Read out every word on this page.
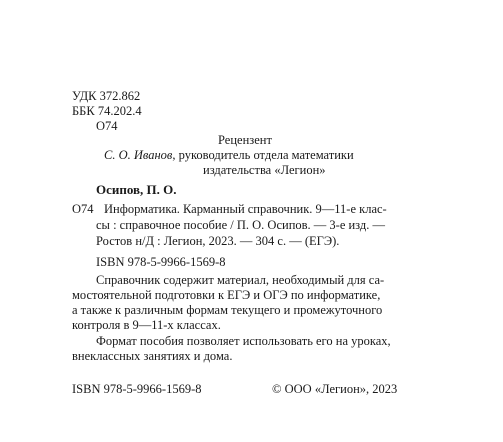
УДК 372.862
ББК 74.202.4
О74
Рецензент
С. О. Иванов, руководитель отдела математики
издательства «Легион»
Осипов, П. О.
О74 Информатика. Карманный справочник. 9—11-е клас-
сы : справочное пособие / П. О. Осипов. — 3-е изд. —
Ростов н/Д : Легион, 2023. — 304 с. — (ЕГЭ).
ISBN 978-5-9966-1569-8
Справочник содержит материал, необходимый для са-
мостоятельной подготовки к ЕГЭ и ОГЭ по информатике,
а также к различным формам текущего и промежуточного
контроля в 9—11-х классах.
Формат пособия позволяет использовать его на уроках,
внеклассных занятиях и дома.
ISBN 978-5-9966-1569-8	© ООО «Легион», 2023
